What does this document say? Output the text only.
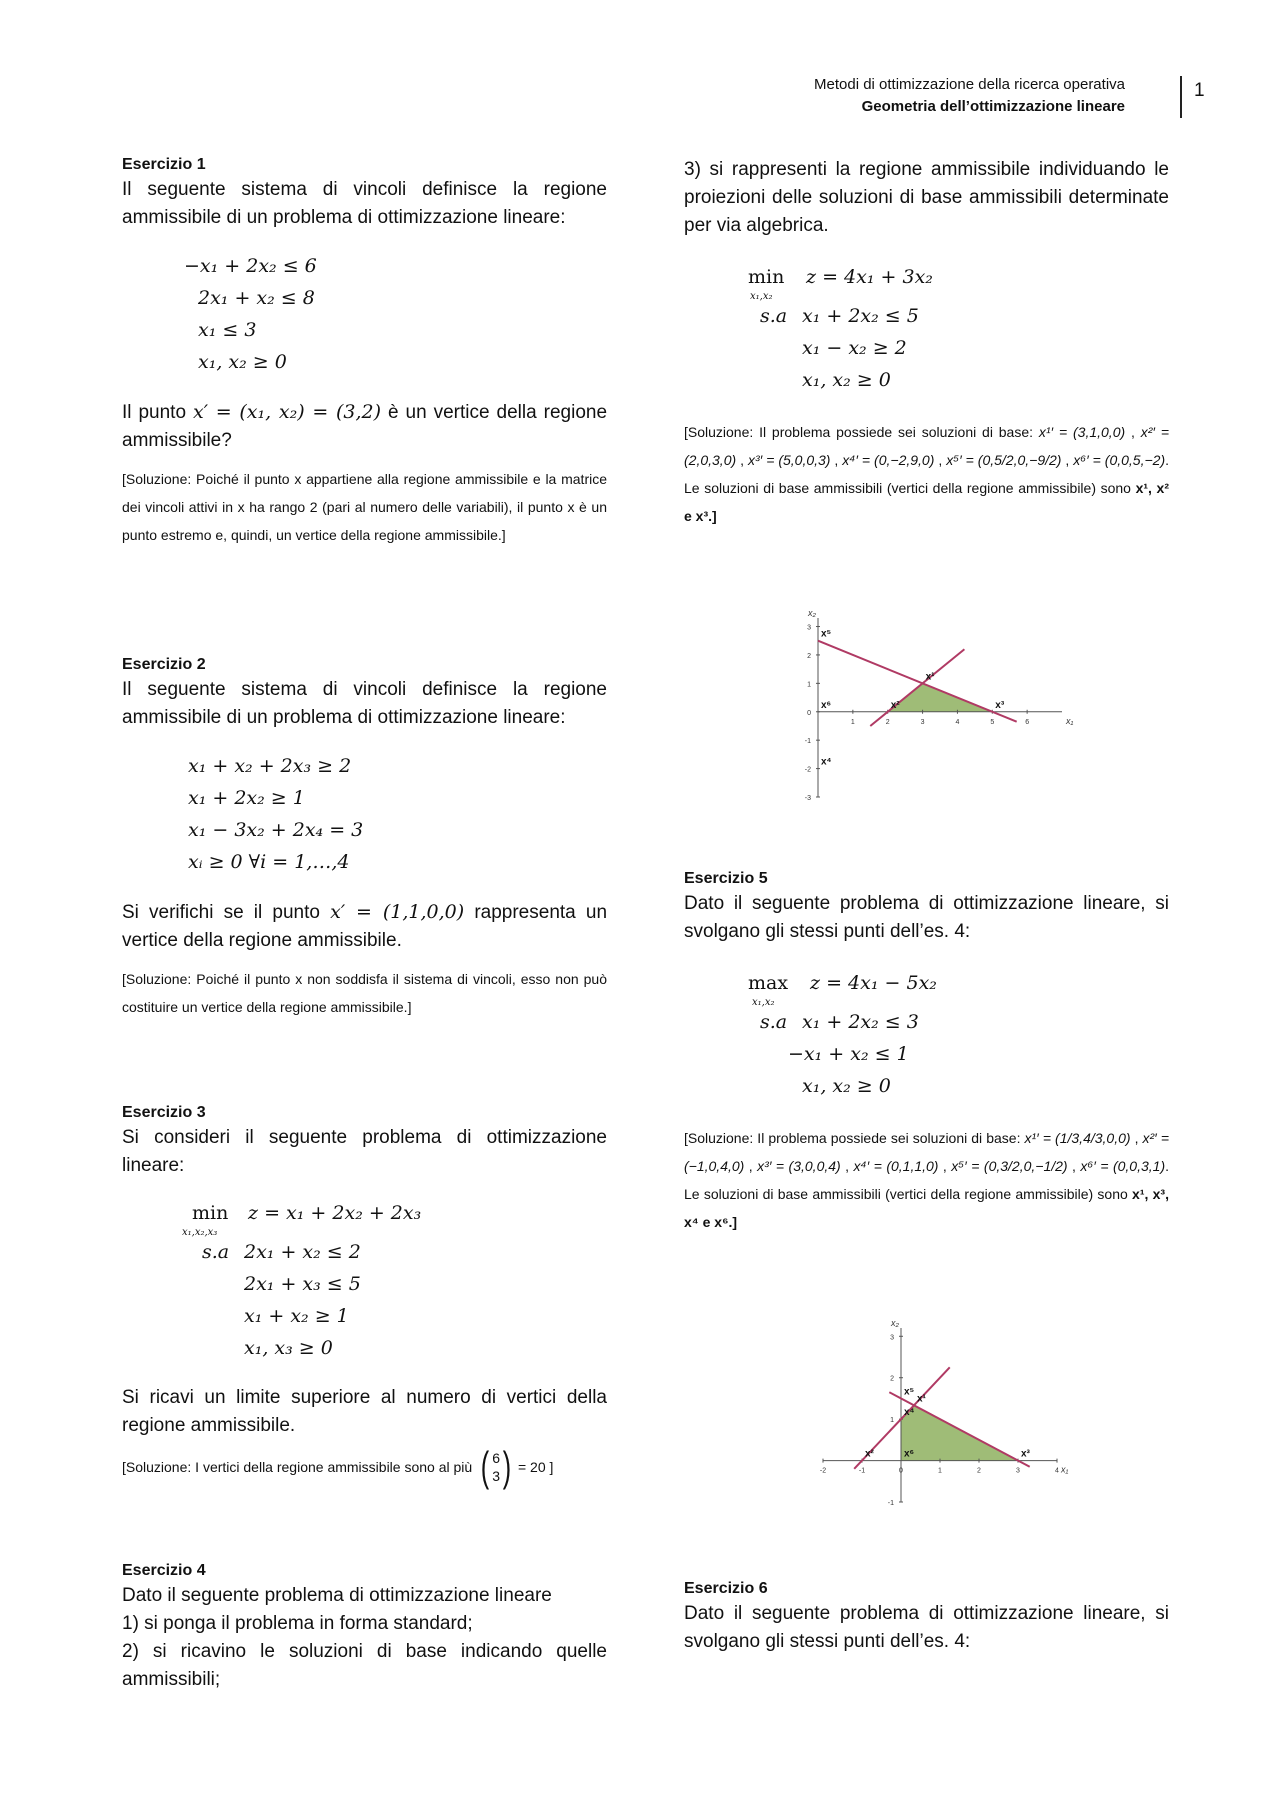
Metodi di ottimizzazione della ricerca operativa
Geometria dell’ottimizzazione lineare
1
Esercizio 1
Il seguente sistema di vincoli definisce la regione ammissibile di un problema di ottimizzazione lineare:
−x₁ + 2x₂ ≤ 6
2x₁ + x₂ ≤ 8
x₁ ≤ 3
x₁, x₂ ≥ 0
Il punto x′ = (x₁, x₂) = (3,2) è un vertice della regione ammissibile?
[Soluzione: Poiché il punto x appartiene alla regione ammissibile e la matrice dei vincoli attivi in x ha rango 2 (pari al numero delle variabili), il punto x è un punto estremo e, quindi, un vertice della regione ammissibile.]
Esercizio 2
Il seguente sistema di vincoli definisce la regione ammissibile di un problema di ottimizzazione lineare:
x₁ + x₂ + 2x₃ ≥ 2
x₁ + 2x₂ ≥ 1
x₁ − 3x₂ + 2x₄ = 3
xᵢ ≥ 0 ∀i = 1,…,4
Si verifichi se il punto x′ = (1,1,0,0) rappresenta un vertice della regione ammissibile.
[Soluzione: Poiché il punto x non soddisfa il sistema di vincoli, esso non può costituire un vertice della regione ammissibile.]
Esercizio 3
Si consideri il seguente problema di ottimizzazione lineare:
min
x₁,x₂,x₃
z = x₁ + 2x₂ + 2x₃
s.a 2x₁ + x₂ ≤ 2
2x₁ + x₃ ≤ 5
x₁ + x₂ ≥ 1
x₁, x₃ ≥ 0
Si ricavi un limite superiore al numero di vertici della regione ammissibile.
[Soluzione: I vertici della regione ammissibile sono al più ( 6
3 ) = 20 ]
Esercizio 4
Dato il seguente problema di ottimizzazione lineare
1) si ponga il problema in forma standard;
2) si ricavino le soluzioni di base indicando quelle ammissibili;
3) si rappresenti la regione ammissibile individuando le proiezioni delle soluzioni di base ammissibili determinate per via algebrica.
min
x₁,x₂
z = 4x₁ + 3x₂
s.a x₁ + 2x₂ ≤ 5
x₁ − x₂ ≥ 2
x₁, x₂ ≥ 0
[Soluzione: Il problema possiede sei soluzioni di base: x¹′ = (3,1,0,0) , x²′ = (2,0,3,0) , x³′ = (5,0,0,3) , x⁴′ = (0,−2,9,0) , x⁵′ = (0,5/2,0,−9/2) , x⁶′ = (0,0,5,−2). Le soluzioni di base ammissibili (vertici della regione ammissibile) sono x¹, x² e x³.]
1	2	3	4	5	6
3
2
1
0
-1
-2
-3
x₁
x₂
x⁵
x¹
x⁶	x²	x³
x⁴
Esercizio 5
Dato il seguente problema di ottimizzazione lineare, si svolgano gli stessi punti dell’es. 4:
max
x₁,x₂
z = 4x₁ − 5x₂
s.a x₁ + 2x₂ ≤ 3
−x₁ + x₂ ≤ 1
x₁, x₂ ≥ 0
[Soluzione: Il problema possiede sei soluzioni di base: x¹′ = (1/3,4/3,0,0) , x²′ = (−1,0,4,0) , x³′ = (3,0,0,4) , x⁴′ = (0,1,1,0) , x⁵′ = (0,3/2,0,−1/2) , x⁶′ = (0,0,3,1). Le soluzioni di base ammissibili (vertici della regione ammissibile) sono x¹, x³, x⁴ e x⁶.]
-2	-1	0	1	2	3	4
3
2
1
-1
x₁
x₂
x⁵
x¹
x⁴
x²	x⁶	x³
Esercizio 6
Dato il seguente problema di ottimizzazione lineare, si svolgano gli stessi punti dell’es. 4:
